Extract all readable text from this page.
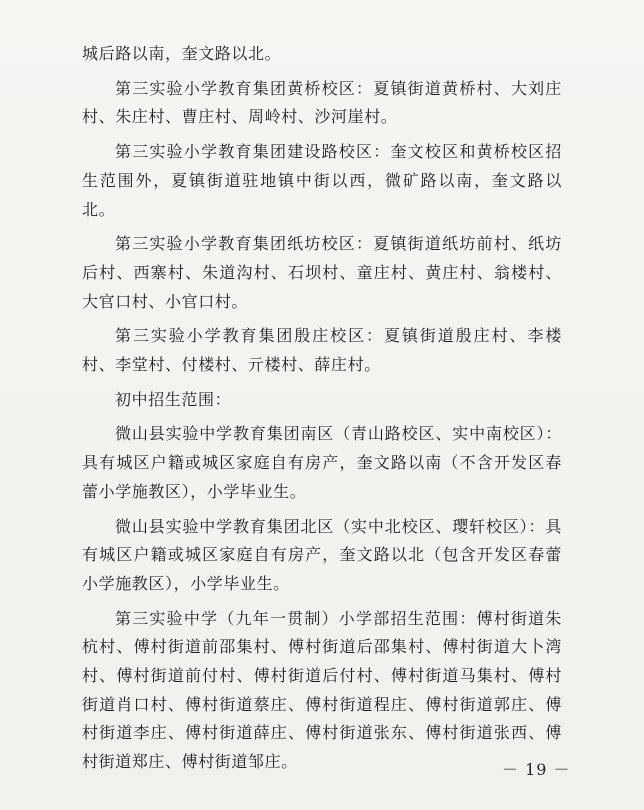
城后路以南，奎文路以北。

第三实验小学教育集团黄桥校区：夏镇街道黄桥村、大刘庄村、朱庄村、曹庄村、周岭村、沙河崖村。

第三实验小学教育集团建设路校区：奎文校区和黄桥校区招生范围外，夏镇街道驻地镇中街以西，微矿路以南，奎文路以北。

第三实验小学教育集团纸坊校区：夏镇街道纸坊前村、纸坊后村、西寨村、朱道沟村、石坝村、童庄村、黄庄村、翁楼村、大官口村、小官口村。

第三实验小学教育集团殷庄校区：夏镇街道殷庄村、李楼村、李堂村、付楼村、亓楼村、薛庄村。

初中招生范围：

微山县实验中学教育集团南区（青山路校区、实中南校区）：具有城区户籍或城区家庭自有房产，奎文路以南（不含开发区春蕾小学施教区），小学毕业生。

微山县实验中学教育集团北区（实中北校区、璎轩校区）：具有城区户籍或城区家庭自有房产，奎文路以北（包含开发区春蕾小学施教区），小学毕业生。

第三实验中学（九年一贯制）小学部招生范围：傅村街道朱杭村、傅村街道前邵集村、傅村街道后邵集村、傅村街道大卜湾村、傅村街道前付村、傅村街道后付村、傅村街道马集村、傅村街道肖口村、傅村街道蔡庄、傅村街道程庄、傅村街道郭庄、傅村街道李庄、傅村街道薛庄、傅村街道张东、傅村街道张西、傅村街道郑庄、傅村街道邹庄。	－ 19 －
